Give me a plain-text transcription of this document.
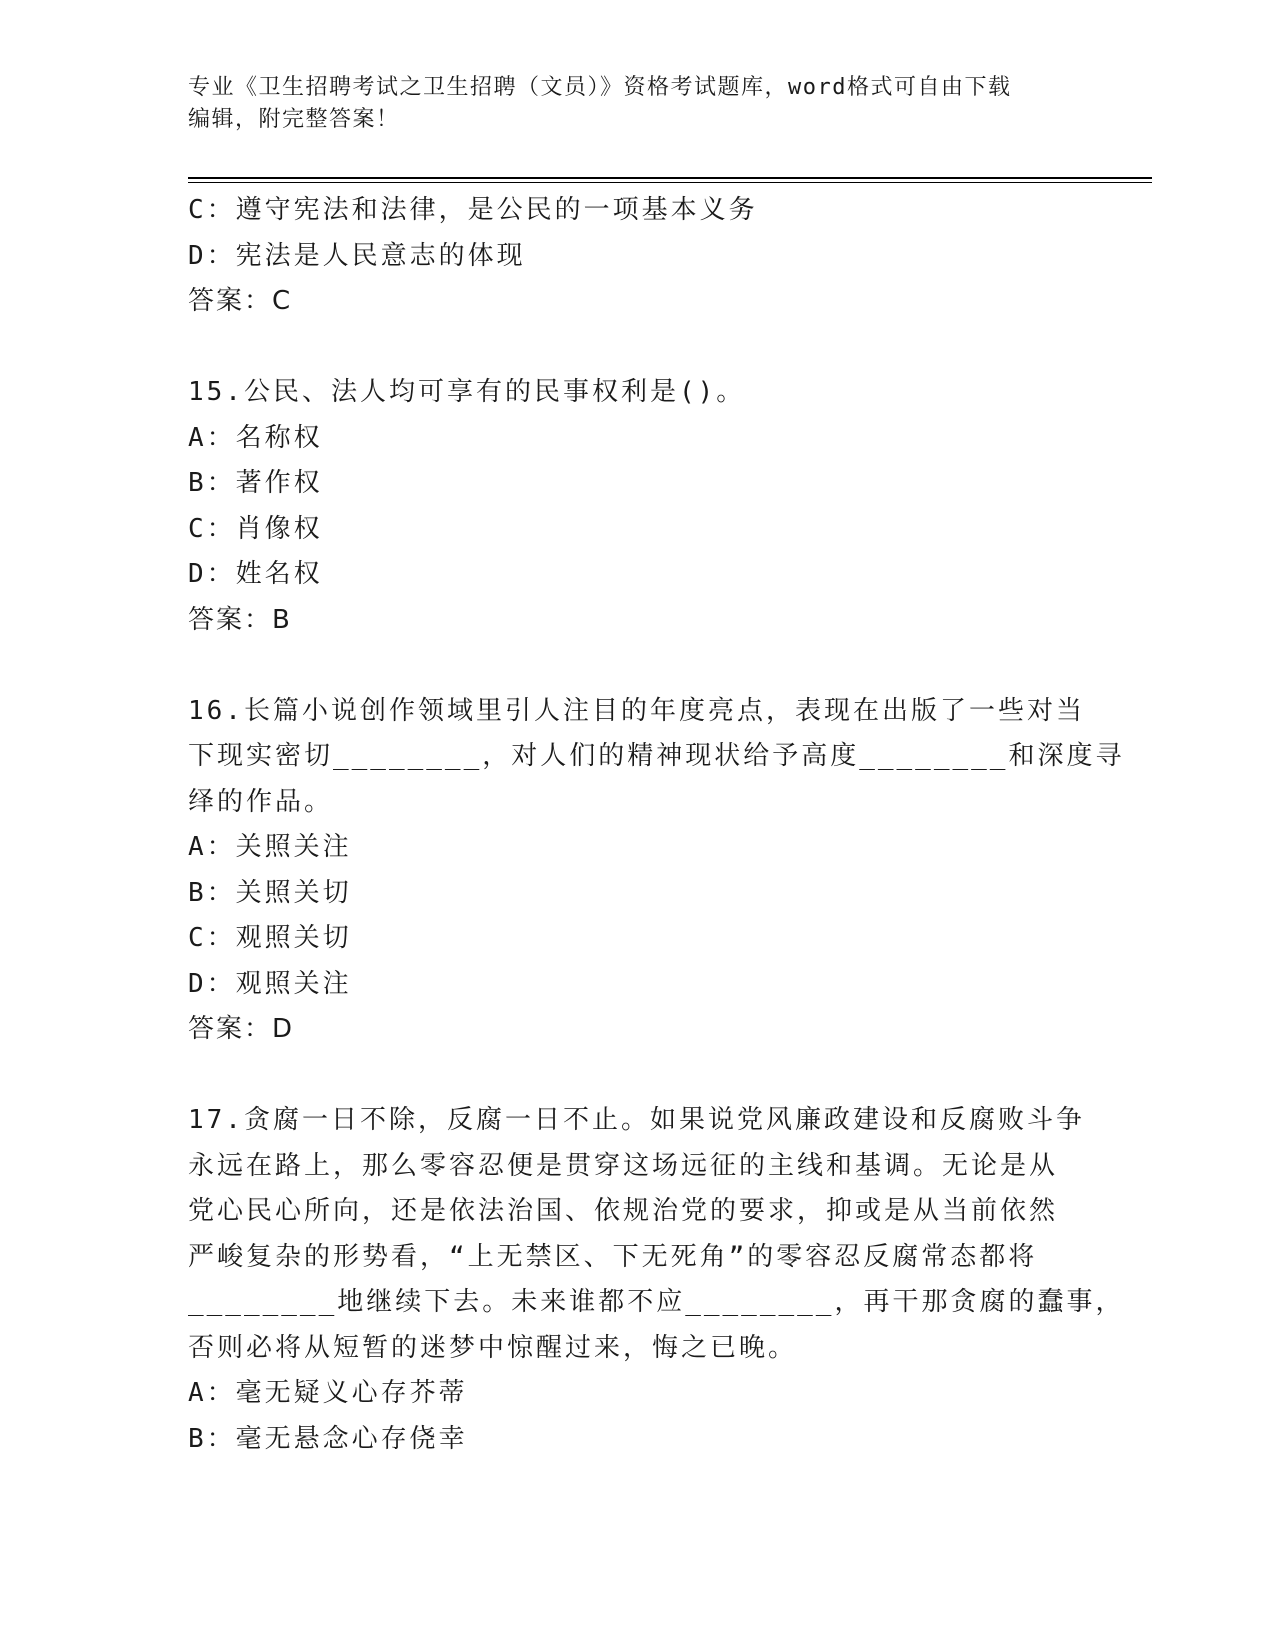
专业《卫生招聘考试之卫生招聘（文员）》资格考试题库，word格式可自由下载
编辑，附完整答案！
C：遵守宪法和法律，是公民的一项基本义务
D：宪法是人民意志的体现
答案：C
15.公民、法人均可享有的民事权利是()。
A：名称权
B：著作权
C：肖像权
D：姓名权
答案：B
16.长篇小说创作领域里引人注目的年度亮点，表现在出版了一些对当
下现实密切________，对人们的精神现状给予高度________和深度寻
绎的作品。
A：关照关注
B：关照关切
C：观照关切
D：观照关注
答案：D
17.贪腐一日不除，反腐一日不止。如果说党风廉政建设和反腐败斗争
永远在路上，那么零容忍便是贯穿这场远征的主线和基调。无论是从
党心民心所向，还是依法治国、依规治党的要求，抑或是从当前依然
严峻复杂的形势看，“上无禁区、下无死角”的零容忍反腐常态都将
________地继续下去。未来谁都不应________，再干那贪腐的蠢事，
否则必将从短暂的迷梦中惊醒过来，悔之已晚。
A：毫无疑义心存芥蒂
B：毫无悬念心存侥幸
